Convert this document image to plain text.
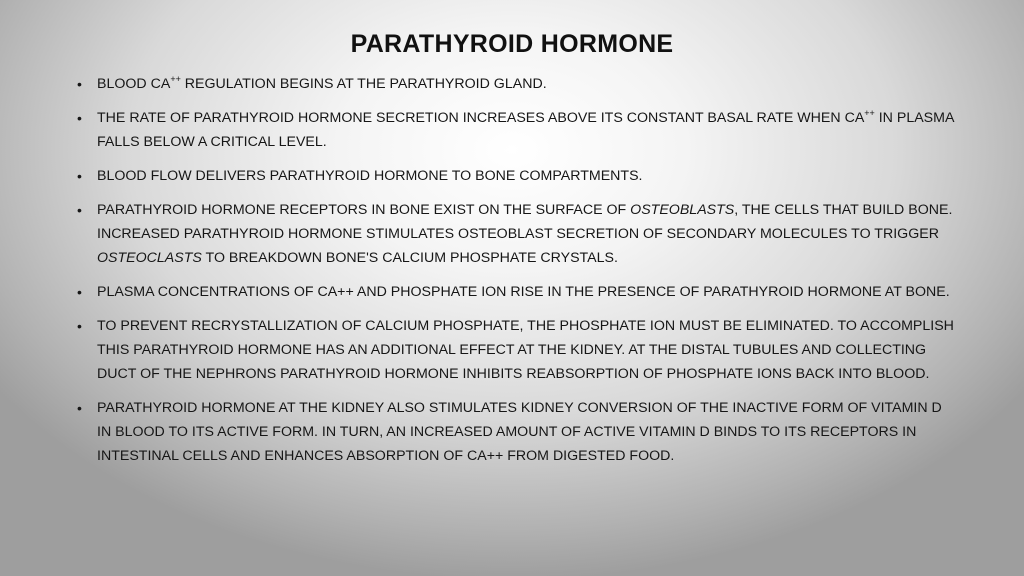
PARATHYROID HORMONE
• BLOOD CA++ REGULATION BEGINS AT THE PARATHYROID GLAND.
• THE RATE OF PARATHYROID HORMONE SECRETION INCREASES ABOVE ITS CONSTANT BASAL RATE WHEN CA++ IN PLASMA FALLS BELOW A CRITICAL LEVEL.
• BLOOD FLOW DELIVERS PARATHYROID HORMONE TO BONE COMPARTMENTS.
• PARATHYROID HORMONE RECEPTORS IN BONE EXIST ON THE SURFACE OF OSTEOBLASTS, THE CELLS THAT BUILD BONE. INCREASED PARATHYROID HORMONE STIMULATES OSTEOBLAST SECRETION OF SECONDARY MOLECULES TO TRIGGER OSTEOCLASTS TO BREAKDOWN BONE'S CALCIUM PHOSPHATE CRYSTALS.
• PLASMA CONCENTRATIONS OF CA++ AND PHOSPHATE ION RISE IN THE PRESENCE OF PARATHYROID HORMONE AT BONE.
• TO PREVENT RECRYSTALLIZATION OF CALCIUM PHOSPHATE, THE PHOSPHATE ION MUST BE ELIMINATED. TO ACCOMPLISH THIS PARATHYROID HORMONE HAS AN ADDITIONAL EFFECT AT THE KIDNEY. AT THE DISTAL TUBULES AND COLLECTING DUCT OF THE NEPHRONS PARATHYROID HORMONE INHIBITS REABSORPTION OF PHOSPHATE IONS BACK INTO BLOOD.
• PARATHYROID HORMONE AT THE KIDNEY ALSO STIMULATES KIDNEY CONVERSION OF THE INACTIVE FORM OF VITAMIN D IN BLOOD TO ITS ACTIVE FORM. IN TURN, AN INCREASED AMOUNT OF ACTIVE VITAMIN D BINDS TO ITS RECEPTORS IN INTESTINAL CELLS AND ENHANCES ABSORPTION OF CA++ FROM DIGESTED FOOD.
